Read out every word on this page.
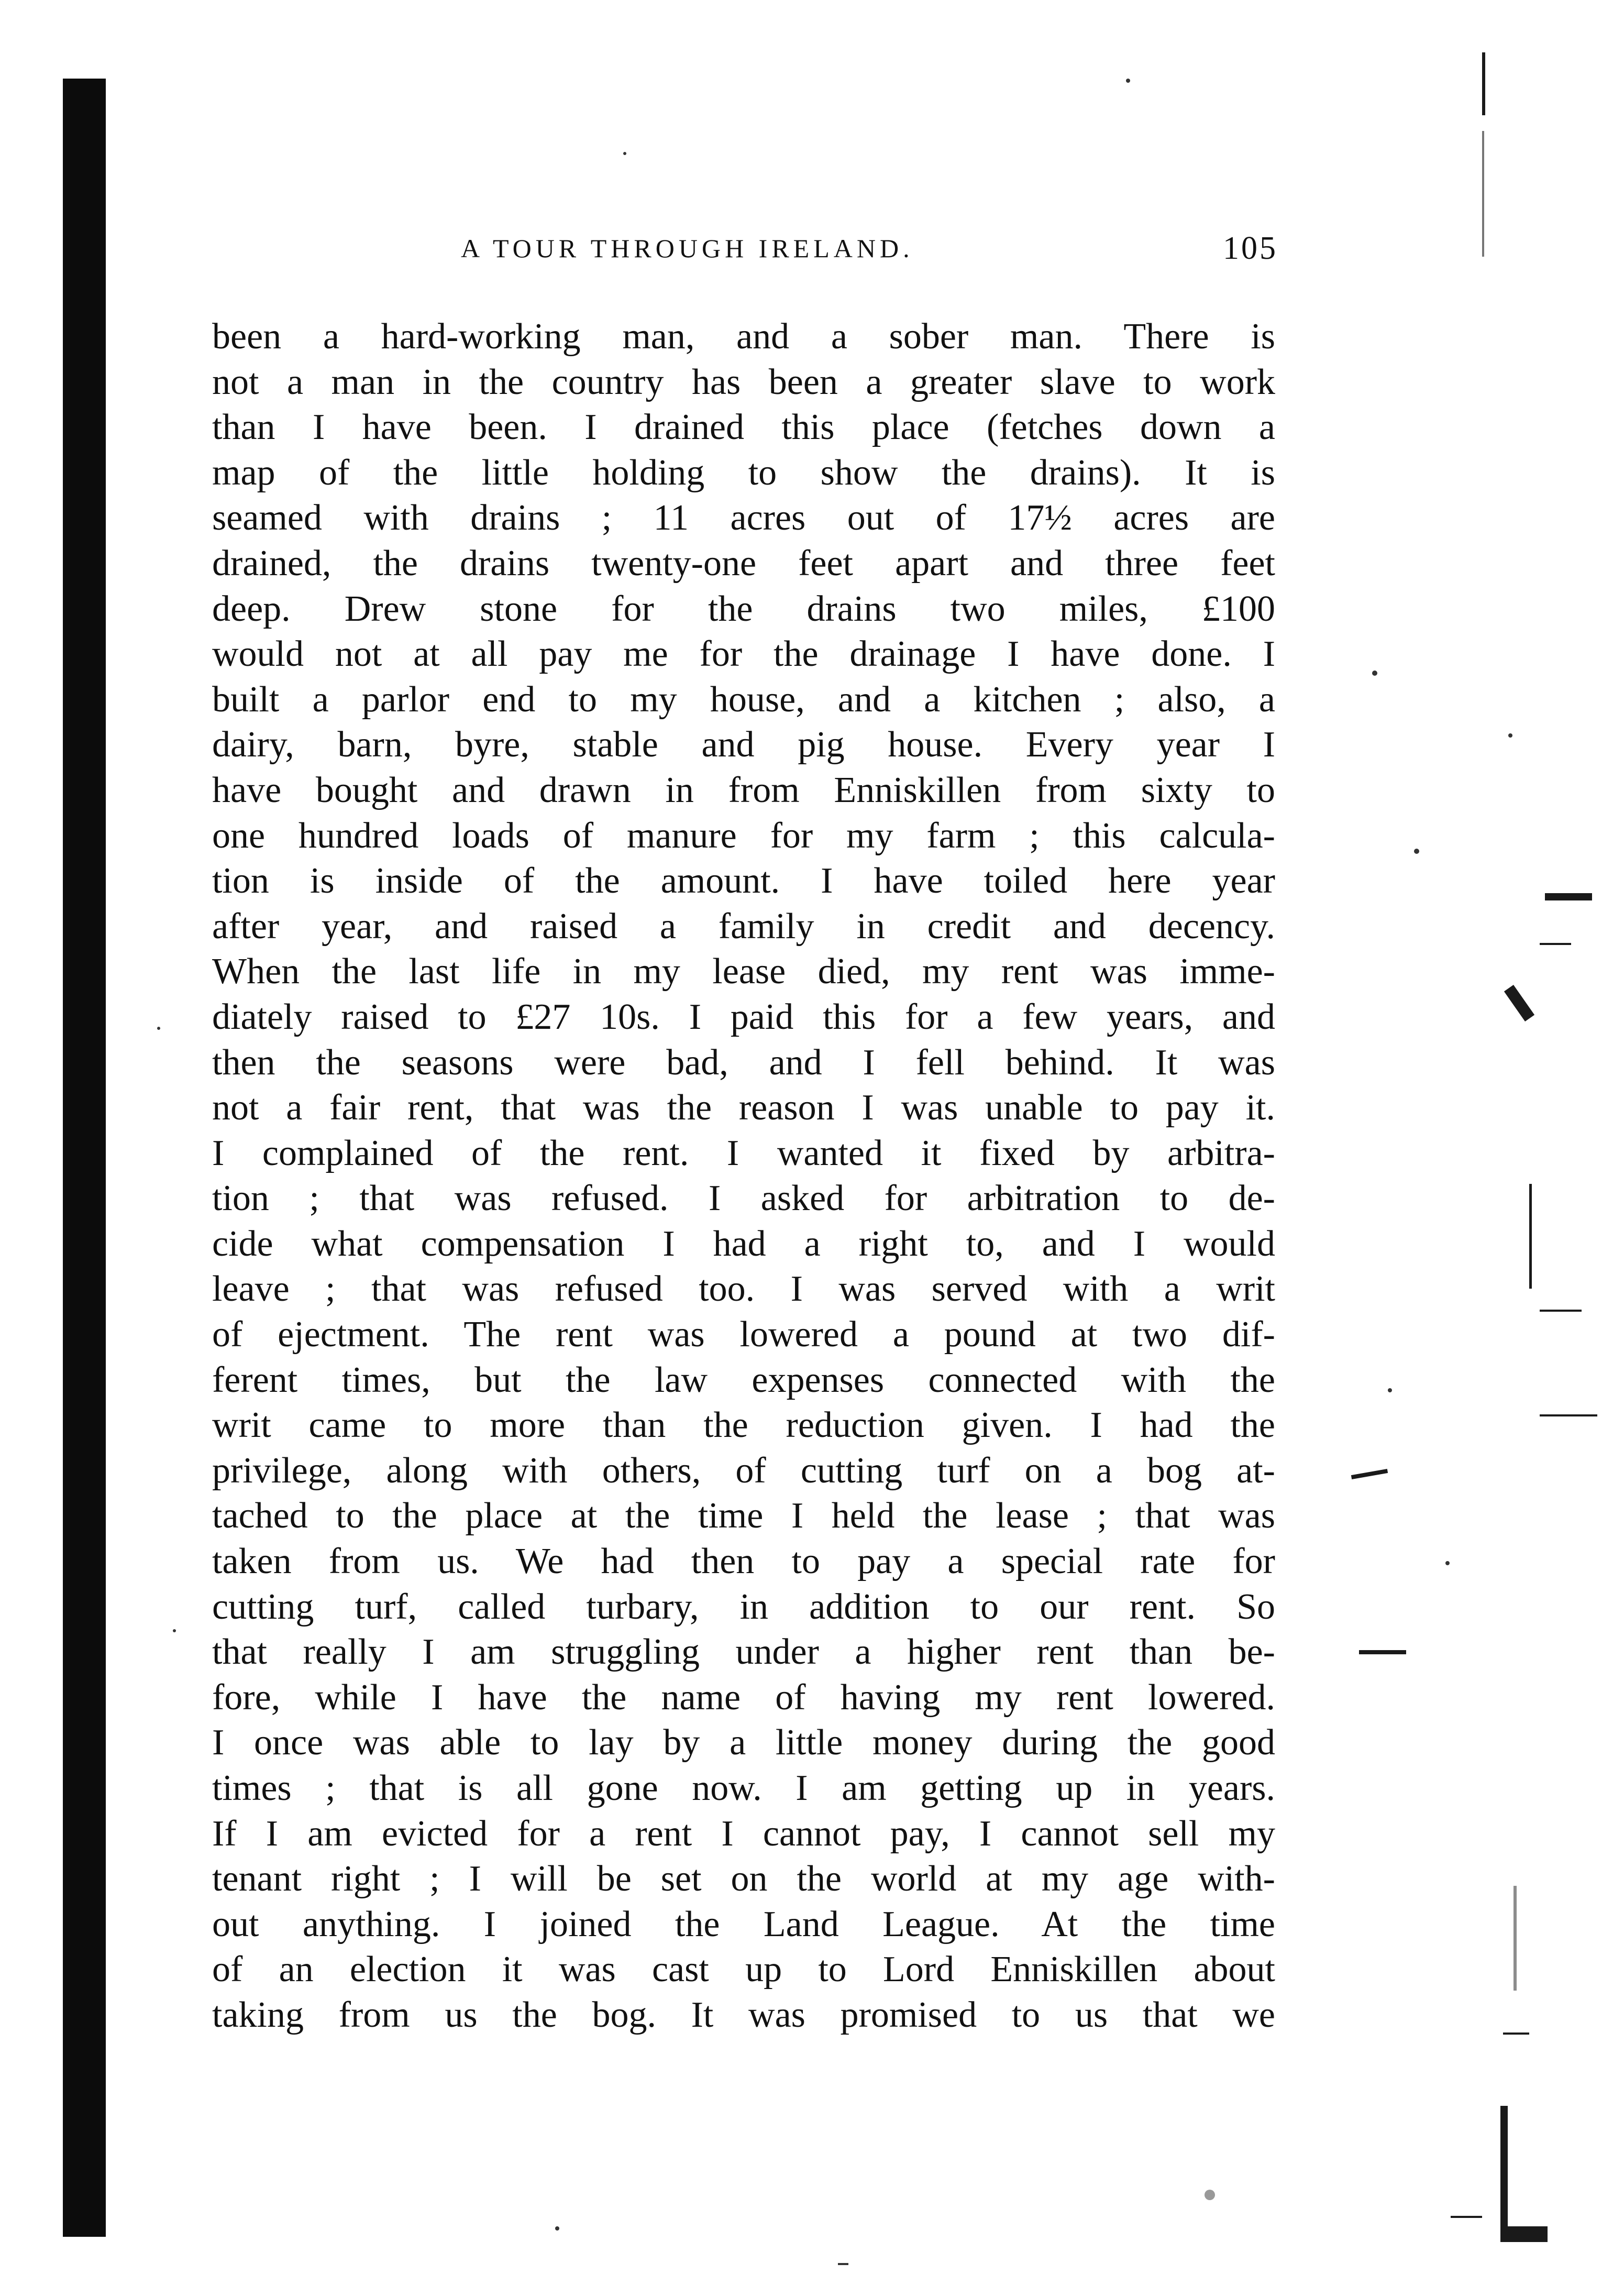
A TOUR THROUGH IRELAND.	105
been a hard-working man, and a sober man. There is
not a man in the country has been a greater slave to work
than I have been. I drained this place (fetches down a
map of the little holding to show the drains). It is
seamed with drains ; 11 acres out of 17½ acres are
drained, the drains twenty-one feet apart and three feet
deep. Drew stone for the drains two miles, £100
would not at all pay me for the drainage I have done. I
built a parlor end to my house, and a kitchen ; also, a
dairy, barn, byre, stable and pig house. Every year I
have bought and drawn in from Enniskillen from sixty to
one hundred loads of manure for my farm ; this calcula-
tion is inside of the amount. I have toiled here year
after year, and raised a family in credit and decency.
When the last life in my lease died, my rent was imme-
diately raised to £27 10s. I paid this for a few years, and
then the seasons were bad, and I fell behind. It was
not a fair rent, that was the reason I was unable to pay it.
I complained of the rent. I wanted it fixed by arbitra-
tion ; that was refused. I asked for arbitration to de-
cide what compensation I had a right to, and I would
leave ; that was refused too. I was served with a writ
of ejectment. The rent was lowered a pound at two dif-
ferent times, but the law expenses connected with the
writ came to more than the reduction given. I had the
privilege, along with others, of cutting turf on a bog at-
tached to the place at the time I held the lease ; that was
taken from us. We had then to pay a special rate for
cutting turf, called turbary, in addition to our rent. So
that really I am struggling under a higher rent than be-
fore, while I have the name of having my rent lowered.
I once was able to lay by a little money during the good
times ; that is all gone now. I am getting up in years.
If I am evicted for a rent I cannot pay, I cannot sell my
tenant right ; I will be set on the world at my age with-
out anything. I joined the Land League. At the time
of an election it was cast up to Lord Enniskillen about
taking from us the bog. It was promised to us that we
